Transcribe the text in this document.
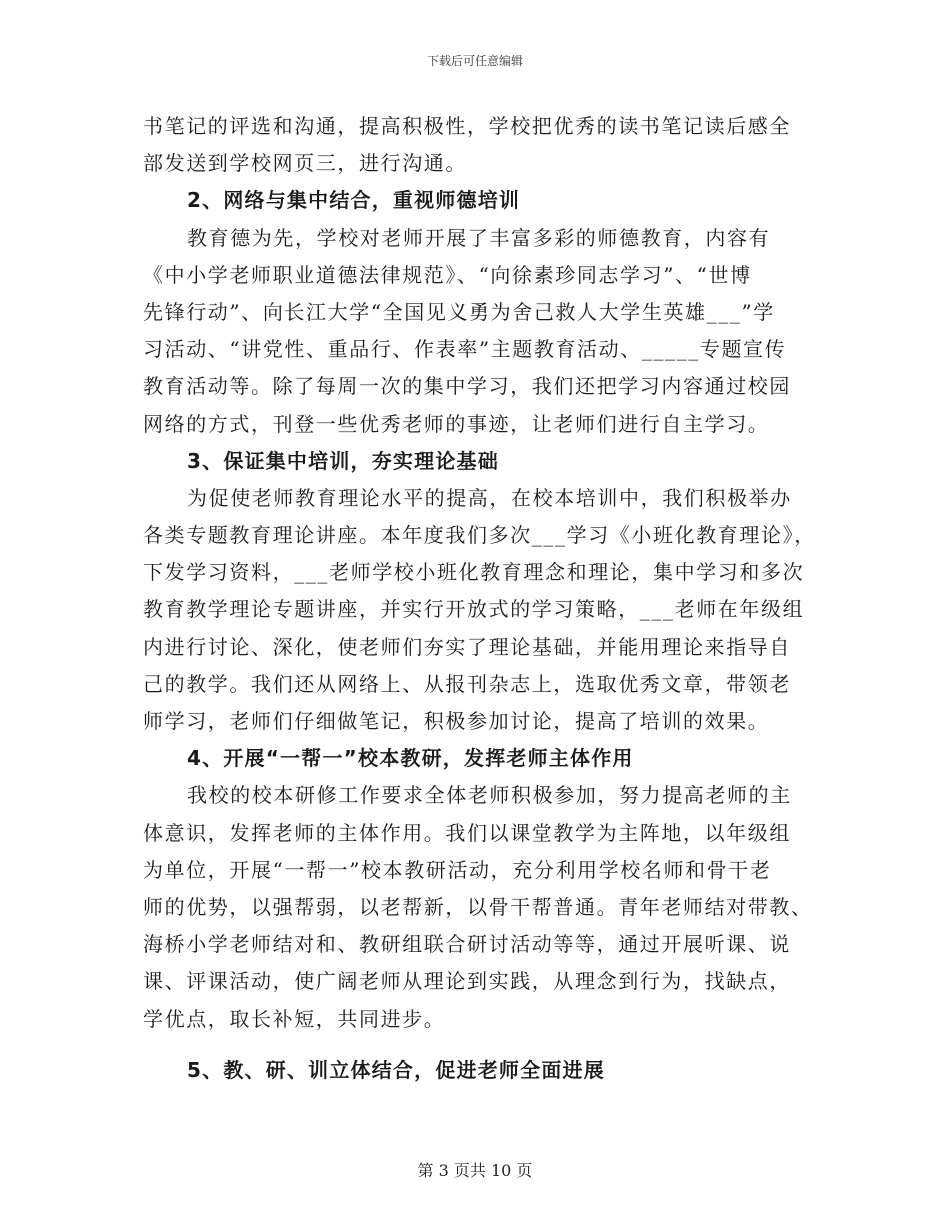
下载后可任意编辑
书笔记的评选和沟通，提高积极性，学校把优秀的读书笔记读后感全
部发送到学校网页三，进行沟通。
2、网络与集中结合，重视师德培训
教育德为先，学校对老师开展了丰富多彩的师德教育，内容有
《中小学老师职业道德法律规范》、“向徐素珍同志学习”、“世博
先锋行动”、向长江大学“全国见义勇为舍己救人大学生英雄___”学
习活动、“讲党性、重品行、作表率”主题教育活动、_____专题宣传
教育活动等。除了每周一次的集中学习，我们还把学习内容通过校园
网络的方式，刊登一些优秀老师的事迹，让老师们进行自主学习。
3、保证集中培训，夯实理论基础
为促使老师教育理论水平的提高，在校本培训中，我们积极举办
各类专题教育理论讲座。本年度我们多次___学习《小班化教育理论》，
下发学习资料，___老师学校小班化教育理念和理论，集中学习和多次
教育教学理论专题讲座，并实行开放式的学习策略，___老师在年级组
内进行讨论、深化，使老师们夯实了理论基础，并能用理论来指导自
己的教学。我们还从网络上、从报刊杂志上，选取优秀文章，带领老
师学习，老师们仔细做笔记，积极参加讨论，提高了培训的效果。
4、开展“一帮一”校本教研，发挥老师主体作用
我校的校本研修工作要求全体老师积极参加，努力提高老师的主
体意识，发挥老师的主体作用。我们以课堂教学为主阵地，以年级组
为单位，开展“一帮一”校本教研活动，充分利用学校名师和骨干老
师的优势，以强帮弱，以老帮新，以骨干帮普通。青年老师结对带教、
海桥小学老师结对和、教研组联合研讨活动等等，通过开展听课、说
课、评课活动，使广阔老师从理论到实践，从理念到行为，找缺点，
学优点，取长补短，共同进步。
5、教、研、训立体结合，促进老师全面进展
第 3 页共 10 页
